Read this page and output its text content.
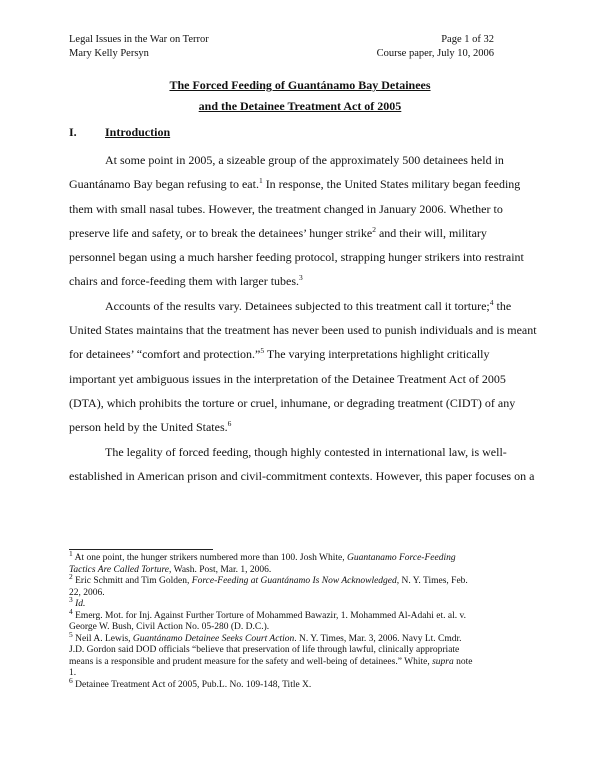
Legal Issues in the War on Terror
Mary Kelly Persyn
Page 1 of 32
Course paper, July 10, 2006
The Forced Feeding of Guantánamo Bay Detainees
and the Detainee Treatment Act of 2005
I. Introduction
At some point in 2005, a sizeable group of the approximately 500 detainees held in
Guantánamo Bay began refusing to eat.$^1$ In response, the United States military began feeding
them with small nasal tubes. However, the treatment changed in January 2006. Whether to
preserve life and safety, or to break the detainees’ hunger strike$^2$ and their will, military
personnel began using a much harsher feeding protocol, strapping hunger strikers into restraint
chairs and force-feeding them with larger tubes.$^3$
Accounts of the results vary. Detainees subjected to this treatment call it torture;$^4$ the
United States maintains that the treatment has never been used to punish individuals and is meant
for detainees’ “comfort and protection.”$^5$ The varying interpretations highlight critically
important yet ambiguous issues in the interpretation of the Detainee Treatment Act of 2005
(DTA), which prohibits the torture or cruel, inhumane, or degrading treatment (CIDT) of any
person held by the United States.$^6$
The legality of forced feeding, though highly contested in international law, is well-
established in American prison and civil-commitment contexts. However, this paper focuses on a
$^1$ At one point, the hunger strikers numbered more than 100. Josh White, Guantanamo Force-Feeding
Tactics Are Called Torture, Wash. Post, Mar. 1, 2006.
$^2$ Eric Schmitt and Tim Golden, Force-Feeding at Guantánamo Is Now Acknowledged, N. Y. Times, Feb.
22, 2006.
$^3$ Id.
$^4$ Emerg. Mot. for Inj. Against Further Torture of Mohammed Bawazir, 1. Mohammed Al-Adahi et. al. v.
George W. Bush, Civil Action No. 05-280 (D. D.C.).
$^5$ Neil A. Lewis, Guantánamo Detainee Seeks Court Action. N. Y. Times, Mar. 3, 2006. Navy Lt. Cmdr.
J.D. Gordon said DOD officials “believe that preservation of life through lawful, clinically appropriate
means is a responsible and prudent measure for the safety and well-being of detainees.” White, supra note
1.
$^6$ Detainee Treatment Act of 2005, Pub.L. No. 109-148, Title X.
